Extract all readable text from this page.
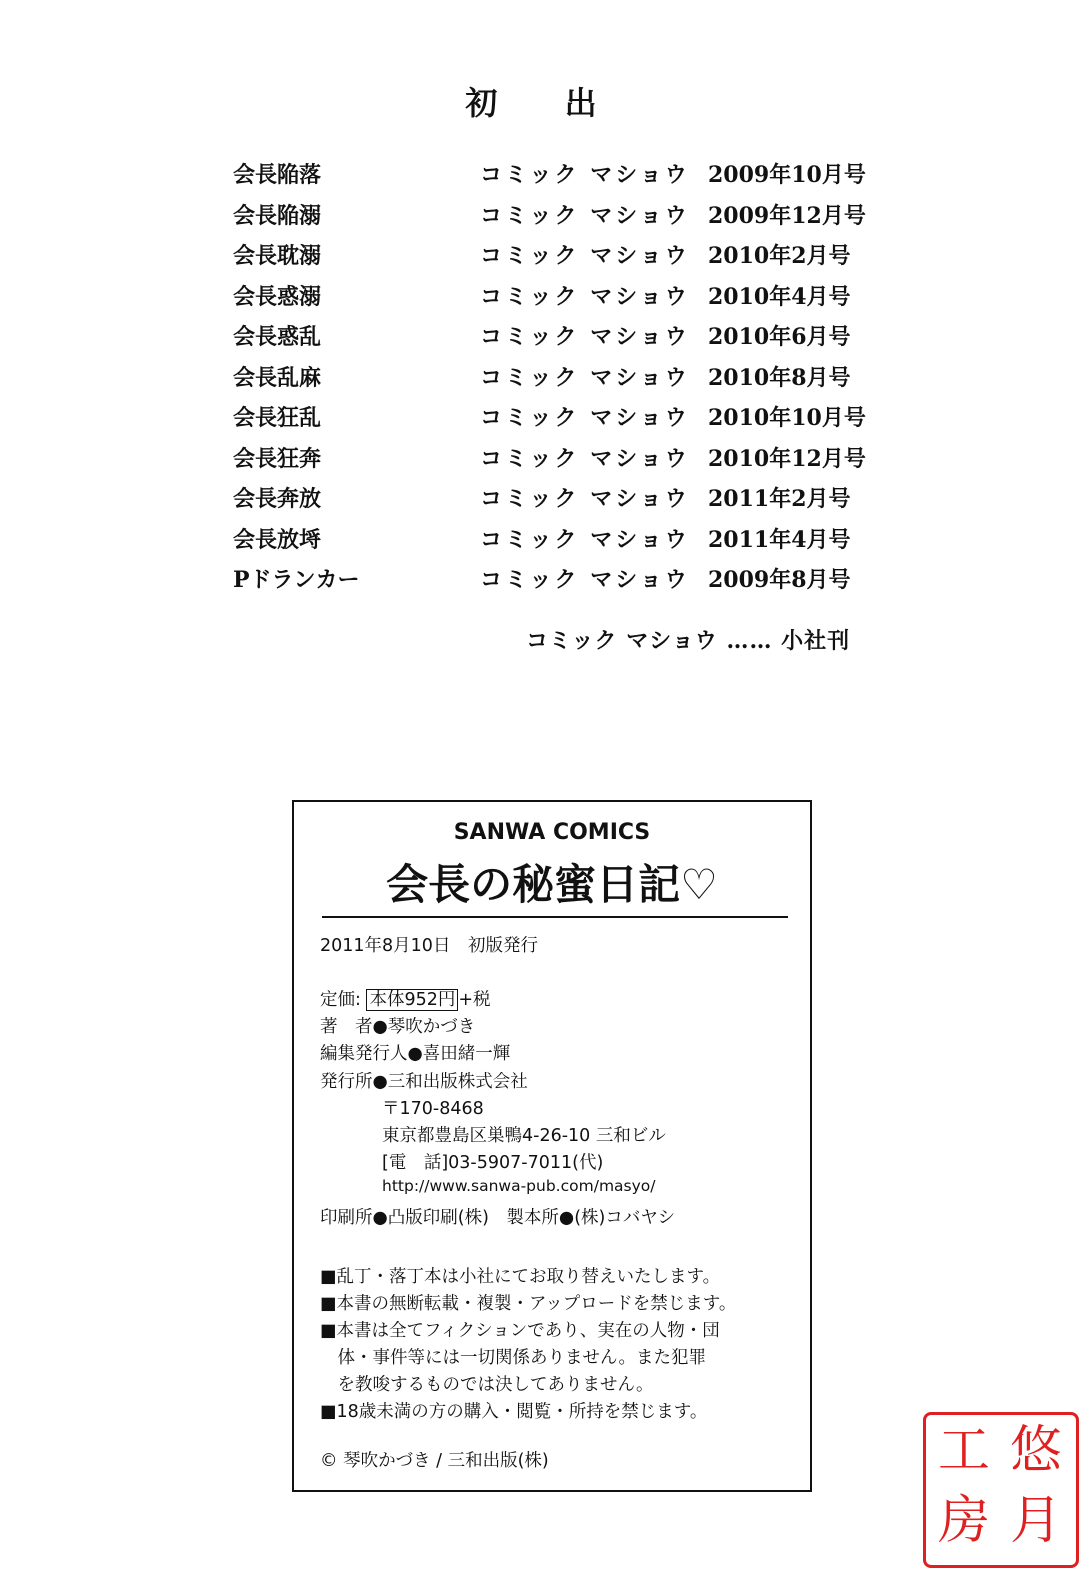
初 出
会長陥落	コミック マショウ 2009年10月号
会長陥溺	コミック マショウ 2009年12月号
会長耽溺	コミック マショウ 2010年2月号
会長惑溺	コミック マショウ 2010年4月号
会長惑乱	コミック マショウ 2010年6月号
会長乱麻	コミック マショウ 2010年8月号
会長狂乱	コミック マショウ 2010年10月号
会長狂奔	コミック マショウ 2010年12月号
会長奔放	コミック マショウ 2011年2月号
会長放埓	コミック マショウ 2011年4月号
Pドランカー	コミック マショウ 2009年8月号
コミック マショウ …… 小社刊
SANWA COMICS
会長の秘蜜日記♡
2011年8月10日　初版発行
定価: 本体952円 +税
著　者●琴吹かづき
編集発行人●喜田緒一輝
発行所●三和出版株式会社
〒170-8468
東京都豊島区巣鴨4-26-10 三和ビル
[電　話]03-5907-7011(代)
http://www.sanwa-pub.com/masyo/
印刷所●凸版印刷(株)　製本所●(株)コバヤシ
■乱丁・落丁本は小社にてお取り替えいたします。
■本書の無断転載・複製・アップロードを禁じます。
■本書は全てフィクションであり、実在の人物・団
　体・事件等には一切関係ありません。また犯罪
　を教唆するものでは決してありません。
■18歳未満の方の購入・閲覧・所持を禁じます。
© 琴吹かづき / 三和出版(株)	悠
月
工
房
